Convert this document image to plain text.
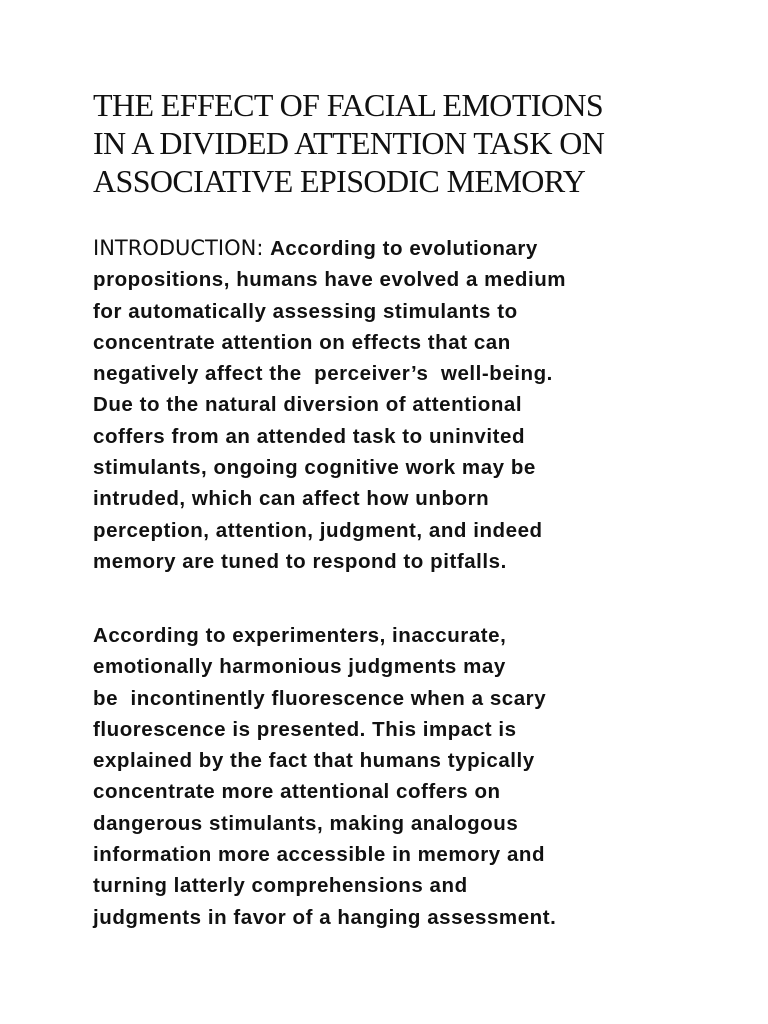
THE EFFECT OF FACIAL EMOTIONS
IN A DIVIDED ATTENTION TASK ON
ASSOCIATIVE EPISODIC MEMORY
INTRODUCTION: According to evolutionary
propositions, humans have evolved a medium
for automatically assessing stimulants to
concentrate attention on effects that can
negatively affect the  perceiver’s  well-being.
Due to the natural diversion of attentional
coffers from an attended task to uninvited
stimulants, ongoing cognitive work may be
intruded, which can affect how unborn
perception, attention, judgment, and indeed
memory are tuned to respond to pitfalls.
According to experimenters, inaccurate,
emotionally harmonious judgments may
be  incontinently fluorescence when a scary
fluorescence is presented. This impact is
explained by the fact that humans typically
concentrate more attentional coffers on
dangerous stimulants, making analogous
information more accessible in memory and
turning latterly comprehensions and
judgments in favor of a hanging assessment.
